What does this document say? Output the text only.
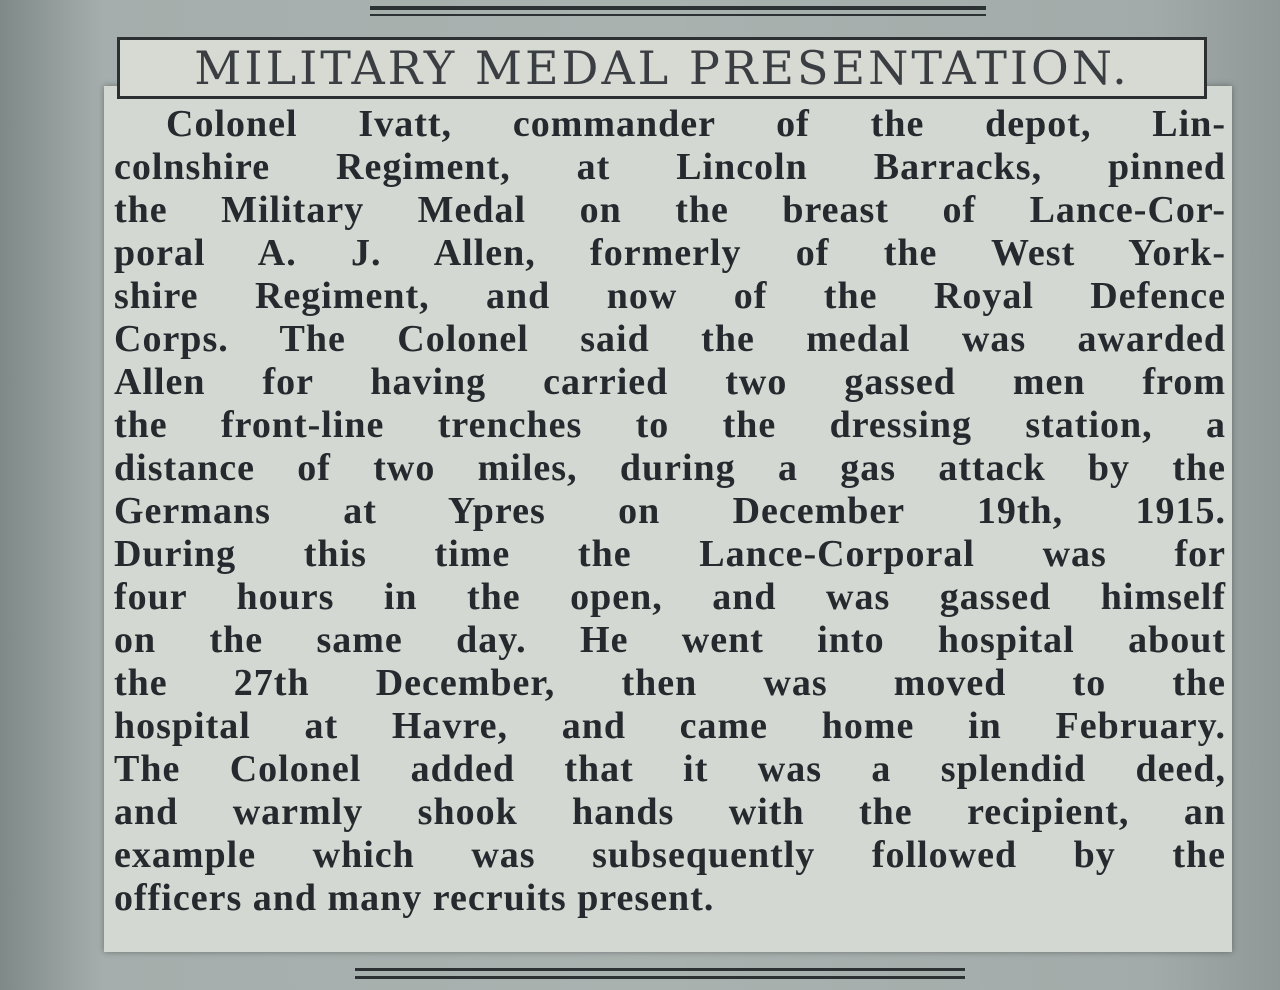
MILITARY MEDAL PRESENTATION.
Colonel Ivatt, commander of the depot, Lin-
colnshire Regiment, at Lincoln Barracks, pinned
the Military Medal on the breast of Lance-Cor-
poral A. J. Allen, formerly of the West York-
shire Regiment, and now of the Royal Defence
Corps. The Colonel said the medal was awarded
Allen for having carried two gassed men from
the front-line trenches to the dressing station, a
distance of two miles, during a gas attack by the
Germans at Ypres on December 19th, 1915.
During this time the Lance-Corporal was for
four hours in the open, and was gassed himself
on the same day. He went into hospital about
the 27th December, then was moved to the
hospital at Havre, and came home in February.
The Colonel added that it was a splendid deed,
and warmly shook hands with the recipient, an
example which was subsequently followed by the
officers and many recruits present.
